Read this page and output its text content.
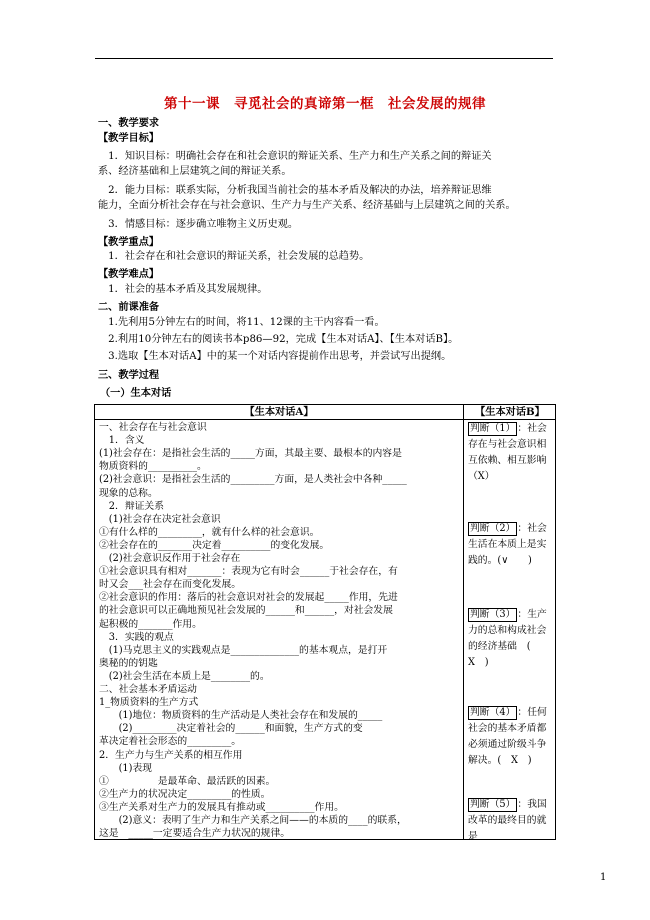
第十一课　寻觅社会的真谛第一框　社会发展的规律
一、教学要求
【教学目标】
　1．知识目标：明确社会存在和社会意识的辩证关系、生产力和生产关系之间的辩证关
系、经济基础和上层建筑之间的辩证关系。
　2．能力目标：联系实际，分析我国当前社会的基本矛盾及解决的办法，培养辩证思维
能力，全面分析社会存在与社会意识、生产力与生产关系、经济基础与上层建筑之间的关系。
　3．情感目标：逐步确立唯物主义历史观。
【教学重点】
　1．社会存在和社会意识的辩证关系，社会发展的总趋势。
【教学难点】
　1．社会的基本矛盾及其发展规律。
二、前课准备
　1.先利用5分钟左右的时间，将11、12课的主干内容看一看。
　2.利用10分钟左右的阅读书本p86—92，完成【生本对话A】、【生本对话B】。
　3.选取【生本对话A】中的某一个对话内容提前作出思考，并尝试写出提纲。
三、教学过程
（一）生本对话
【生本对话A】	【生本对话B】
一、社会存在与社会意识
　1．含义
(1)社会存在：是指社会生活的_____方面，其最主要、最根本的内容是
物质资料的__________。
(2)社会意识：是指社会生活的_________方面，是人类社会中各种_____
现象的总称。
　2．辩证关系
　(1)社会存在决定社会意识
①有什么样的_________，就有什么样的社会意识。
②社会存在的_______决定着__________的变化发展。
　(2)社会意识反作用于社会存在
①社会意识具有相对_______：表现为它有时会______于社会存在，有
时又会___社会存在而变化发展。
②社会意识的作用：落后的社会意识对社会的发展起_____作用，先进
的社会意识可以正确地预见社会发展的______和______，对社会发展
起积极的_______作用。
　3．实践的观点
　(1)马克思主义的实践观点是______________的基本观点，是打开
奥秘的的钥匙
　(2)社会生活在本质上是________的。
二、社会基本矛盾运动
1_物质资料的生产方式
　　(1)地位：物质资料的生产活动是人类社会存在和发展的_____
　　(2)_________决定着社会的______和面貌，生产方式的变
革决定着社会形态的_________。
2．生产力与生产关系的相互作用
　　(1)表现
①　　　　　是最革命、最活跃的因素。
②生产力的状况决定_________的性质。
③生产关系对生产力的发展具有推动或__________作用。
　　(2)意义：表明了生产力和生产关系之间——的本质的____的联系，
这是　_____一定要适合生产力状况的规律。
判断（1） ：社会存在与社会意识相互依赖、相互影响　（X）
判断（2） ：社会生活在本质上是实践的。(∨　　)
判断（3） ：生产力的总和构成社会的经济基础　(　X　)
判断（4） ：任何社会的基本矛盾都必须通过阶级斗争解决。(　X　)
判断（5） ：我国改革的最终目的就是
1
